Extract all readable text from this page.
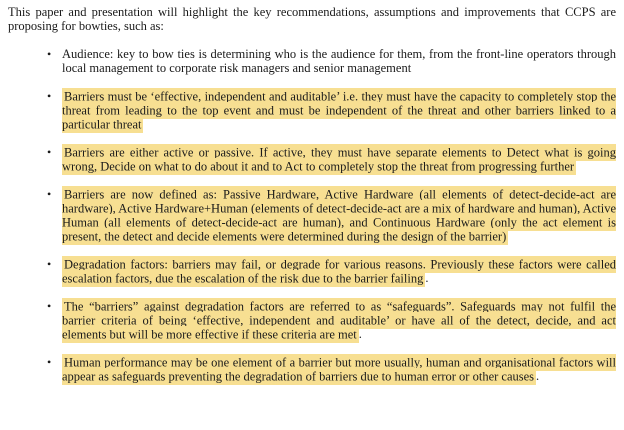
This paper and presentation will highlight the key recommendations, assumptions and improvements that CCPS are proposing for bowties, such as:

• Audience: key to bow ties is determining who is the audience for them, from the front-line operators through local management to corporate risk managers and senior management
• Barriers must be ‘effective, independent and auditable’ i.e. they must have the capacity to completely stop the threat from leading to the top event and must be independent of the threat and other barriers linked to a particular threat
• Barriers are either active or passive. If active, they must have separate elements to Detect what is going wrong, Decide on what to do about it and to Act to completely stop the threat from progressing further
• Barriers are now defined as: Passive Hardware, Active Hardware (all elements of detect-decide-act are hardware), Active Hardware+Human (elements of detect-decide-act are a mix of hardware and human), Active Human (all elements of detect-decide-act are human), and Continuous Hardware (only the act element is present, the detect and decide elements were determined during the design of the barrier)
• Degradation factors: barriers may fail, or degrade for various reasons. Previously these factors were called escalation factors, due the escalation of the risk due to the barrier failing .
• The “barriers” against degradation factors are referred to as “safeguards”. Safeguards may not fulfil the barrier criteria of being ‘effective, independent and auditable’ or have all of the detect, decide, and act elements but will be more effective if these criteria are met .
• Human performance may be one element of a barrier but more usually, human and organisational factors will appear as safeguards preventing the degradation of barriers due to human error or other causes .
